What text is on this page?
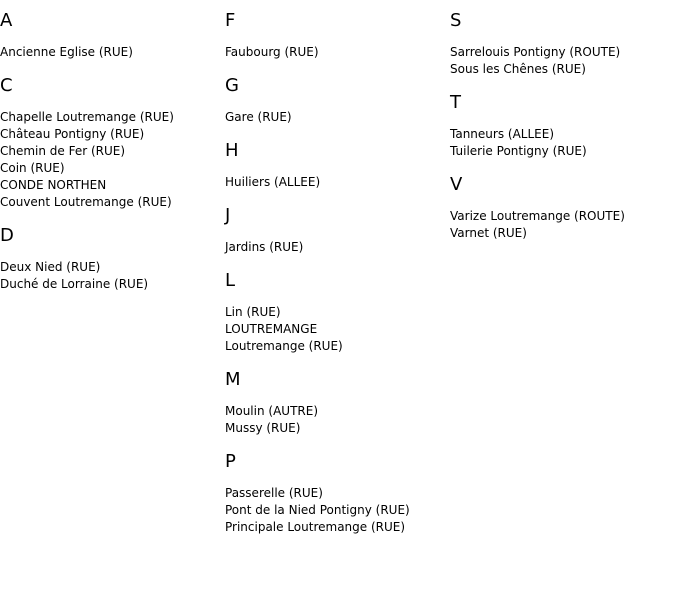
A
Ancienne Eglise (RUE)
C
Chapelle Loutremange (RUE)
Château Pontigny (RUE)
Chemin de Fer (RUE)
Coin (RUE)
CONDE NORTHEN
Couvent Loutremange (RUE)
D
Deux Nied (RUE)
Duché de Lorraine (RUE)
F
Faubourg (RUE)
G
Gare (RUE)
H
Huiliers (ALLEE)
J
Jardins (RUE)
L
Lin (RUE)
LOUTREMANGE
Loutremange (RUE)
M
Moulin (AUTRE)
Mussy (RUE)
P
Passerelle (RUE)
Pont de la Nied Pontigny (RUE)
Principale Loutremange (RUE)
S
Sarrelouis Pontigny (ROUTE)
Sous les Chênes (RUE)
T
Tanneurs (ALLEE)
Tuilerie Pontigny (RUE)
V
Varize Loutremange (ROUTE)
Varnet (RUE)
